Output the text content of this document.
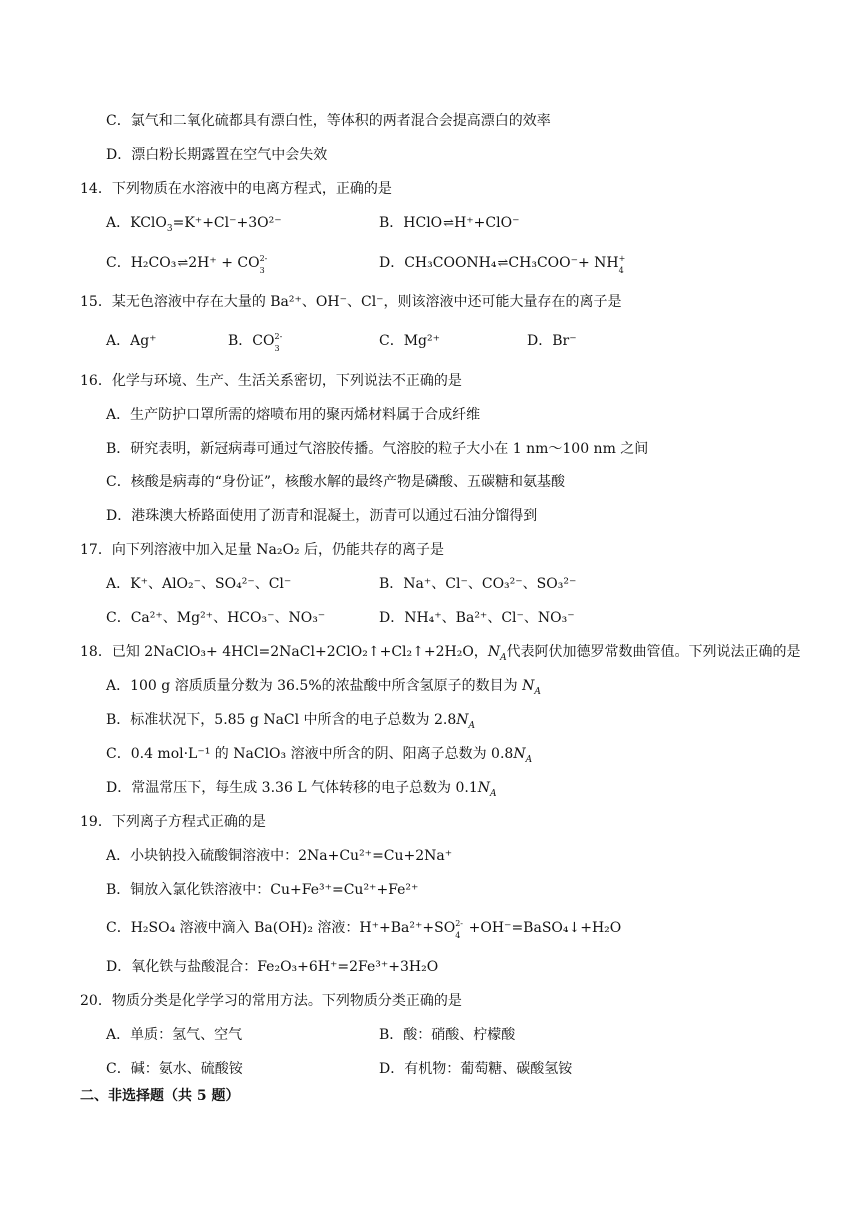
C．氯气和二氧化硫都具有漂白性，等体积的两者混合会提高漂白的效率
D．漂白粉长期露置在空气中会失效
14．下列物质在水溶液中的电离方程式，正确的是
A．KClO$_3$=K⁺+Cl⁻+3O²⁻	B．HClO⇌H⁺+ClO⁻
C．H₂CO₃⇌2H⁺ + CO 2-
3	D．CH₃COONH₄⇌CH₃COO⁻+ NH +
4
15．某无色溶液中存在大量的 Ba²⁺、OH⁻、Cl⁻，则该溶液中还可能大量存在的离子是
A．Ag⁺	B．CO 2-
3	C．Mg²⁺	D．Br⁻
16．化学与环境、生产、生活关系密切，下列说法不正确的是
A．生产防护口罩所需的熔喷布用的聚丙烯材料属于合成纤维
B．研究表明，新冠病毒可通过气溶胶传播。气溶胶的粒子大小在 1 nm～100 nm 之间
C．核酸是病毒的“身份证”，核酸水解的最终产物是磷酸、五碳糖和氨基酸
D．港珠澳大桥路面使用了沥青和混凝土，沥青可以通过石油分馏得到
17．向下列溶液中加入足量 Na₂O₂ 后，仍能共存的离子是
A．K⁺、AlO₂⁻、SO₄²⁻、Cl⁻	B．Na⁺、Cl⁻、CO₃²⁻、SO₃²⁻
C．Ca²⁺、Mg²⁺、HCO₃⁻、NO₃⁻	D．NH₄⁺、Ba²⁺、Cl⁻、NO₃⁻
18．已知 2NaClO₃+ 4HCl=2NaCl+2ClO₂↑+Cl₂↑+2H₂O，$N_A$代表阿伏加德罗常数曲管值。下列说法正确的是
A．100 g 溶质质量分数为 36.5%的浓盐酸中所含氢原子的数目为 $N_A$
B．标准状况下，5.85 g NaCl 中所含的电子总数为 $2.8N_A$
C．0.4 mol·L⁻¹ 的 NaClO₃ 溶液中所含的阴、阳离子总数为 $0.8N_A$
D．常温常压下，每生成 3.36 L 气体转移的电子总数为 $0.1N_A$
19．下列离子方程式正确的是
A．小块钠投入硫酸铜溶液中：2Na+Cu²⁺=Cu+2Na⁺
B．铜放入氯化铁溶液中：Cu+Fe³⁺=Cu²⁺+Fe²⁺
C．H₂SO₄ 溶液中滴入 Ba(OH)₂ 溶液：H⁺+Ba²⁺+SO 2-
4 +OH⁻=BaSO₄↓+H₂O
D．氧化铁与盐酸混合：Fe₂O₃+6H⁺=2Fe³⁺+3H₂O
20．物质分类是化学学习的常用方法。下列物质分类正确的是
A．单质：氢气、空气	B．酸：硝酸、柠檬酸
C．碱：氨水、硫酸铵	D．有机物：葡萄糖、碳酸氢铵
二、非选择题（共 5 题）
